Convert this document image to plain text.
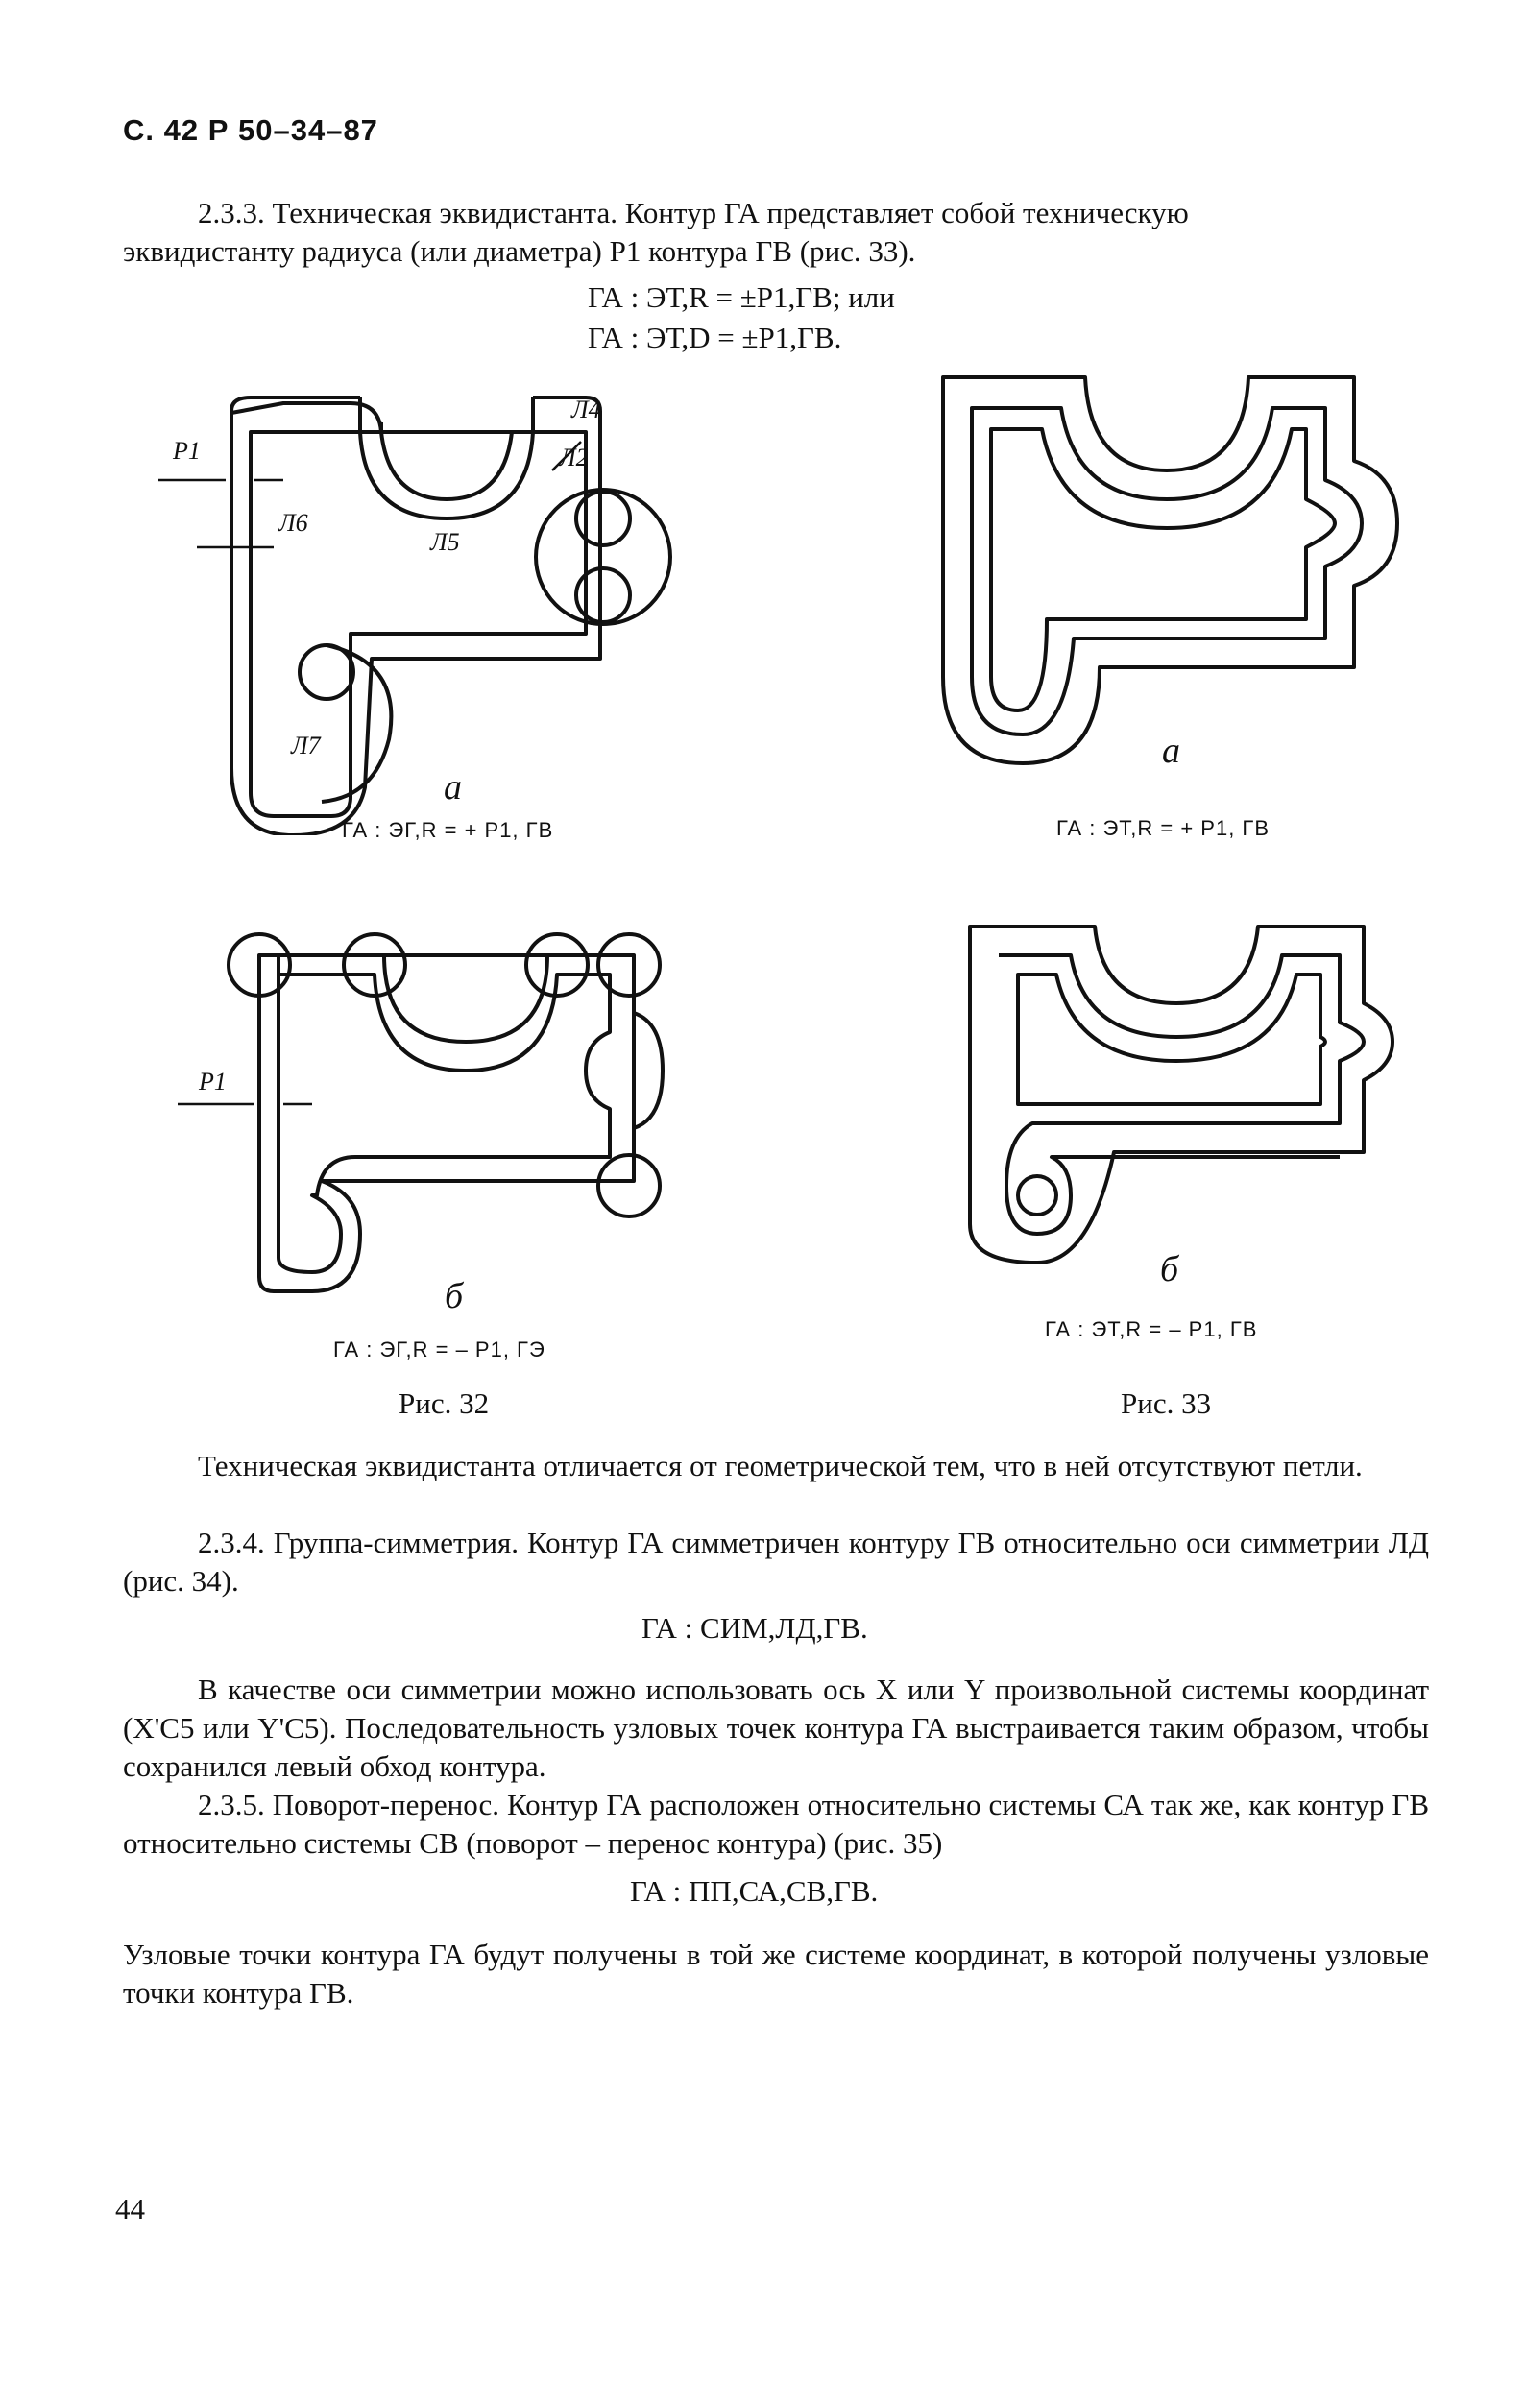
С. 42 Р 50–34–87
2.3.3. Техническая эквидистанта. Контур ГА представляет собой техническую
эквидистанту радиуса (или диаметра) Р1 контура ГВ (рис. 33).
ГА : ЭТ,R = ±Р1,ГВ; или
ГА : ЭТ,D = ±Р1,ГВ.
Р1
Л4
Л2
Л6
Л5
Л7
а
ГА : ЭГ,R = + Р1, ГВ
а
ГА : ЭТ,R = + Р1, ГВ
Р1
б
ГА : ЭГ,R = – Р1, ГЭ
б
ГА : ЭТ,R = – Р1, ГВ
Рис. 32	Рис. 33
Техническая эквидистанта отличается от геометрической тем, что в ней отсутствуют петли.
2.3.4. Группа-симметрия. Контур ГА симметричен контуру ГВ относительно оси симметрии ЛД (рис. 34).
ГА : СИМ,ЛД,ГВ.
В качестве оси симметрии можно использовать ось X или Y произвольной системы координат (Х'С5 или Y'С5). Последовательность узловых точек контура ГА выстраивается таким образом, чтобы сохранился левый обход контура.
2.3.5. Поворот-перенос. Контур ГА расположен относительно системы СА так же, как контур ГВ относительно системы СВ (поворот – перенос контура) (рис. 35)
ГА : ПП,СА,СВ,ГВ.
Узловые точки контура ГА будут получены в той же системе координат, в которой получены узловые точки контура ГВ.
44
